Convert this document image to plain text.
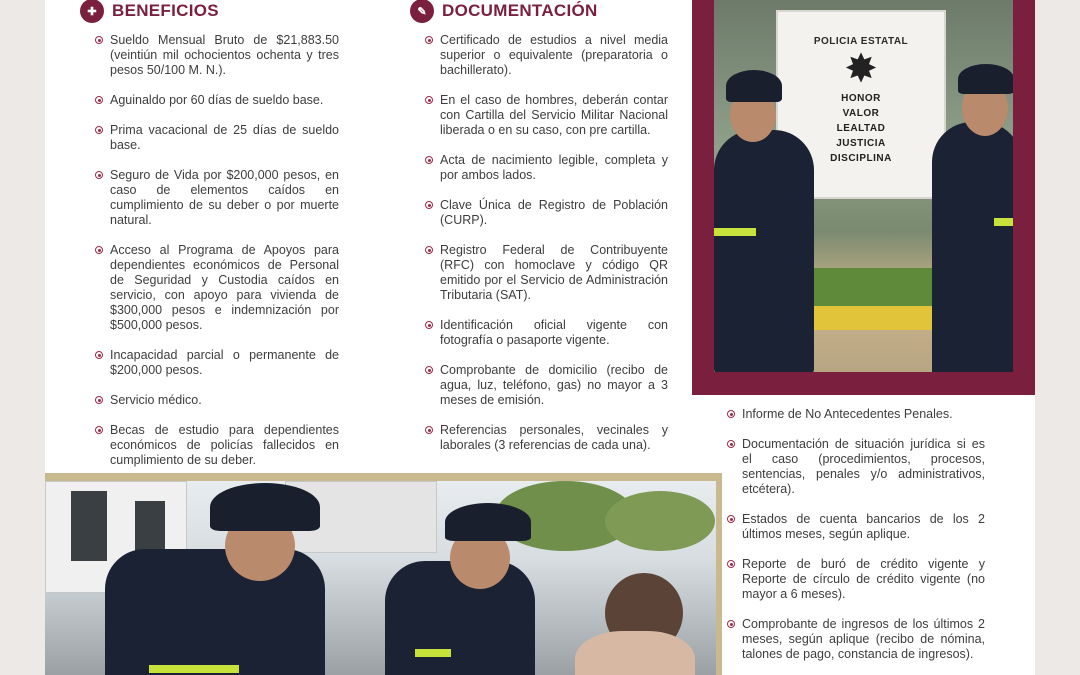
✚ BENEFICIOS
Sueldo Mensual Bruto de $21,883.50 (veintiún mil ochocientos ochenta y tres pesos 50/100 M. N.).
Aguinaldo por 60 días de sueldo base.
Prima vacacional de 25 días de sueldo base.
Seguro de Vida por $200,000 pesos, en caso de elementos caídos en cumplimiento de su deber o por muerte natural.
Acceso al Programa de Apoyos para dependientes económicos de Personal de Seguridad y Custodia caídos en servicio, con apoyo para vivienda de $300,000 pesos e indemnización por $500,000 pesos.
Incapacidad parcial o permanente de $200,000 pesos.
Servicio médico.
Becas de estudio para dependientes económicos de policías fallecidos en cumplimiento de su deber.
✎ DOCUMENTACIÓN
Certificado de estudios a nivel media superior o equivalente (preparatoria o bachillerato).
En el caso de hombres, deberán contar con Cartilla del Servicio Militar Nacional liberada o en su caso, con pre cartilla.
Acta de nacimiento legible, completa y por ambos lados.
Clave Única de Registro de Población (CURP).
Registro Federal de Contribuyente (RFC) con homoclave y código QR emitido por el Servicio de Administración Tributaria (SAT).
Identificación oficial vigente con fotografía o pasaporte vigente.
Comprobante de domicilio (recibo de agua, luz, teléfono, gas) no mayor a 3 meses de emisión.
Referencias personales, vecinales y laborales (3 referencias de cada una).
Informe de No Antecedentes Penales.
Documentación de situación jurídica si es el caso (procedimientos, procesos, sentencias, penales y/o administrativos, etcétera).
Estados de cuenta bancarios de los 2 últimos meses, según aplique.
Reporte de buró de crédito vigente y Reporte de círculo de crédito vigente (no mayor a 6 meses).
Comprobante de ingresos de los últimos 2 meses, según aplique (recibo de nómina, talones de pago, constancia de ingresos).
POLICIA ESTATAL
✸
HONOR
VALOR
LEALTAD
JUSTICIA
DISCIPLINA
